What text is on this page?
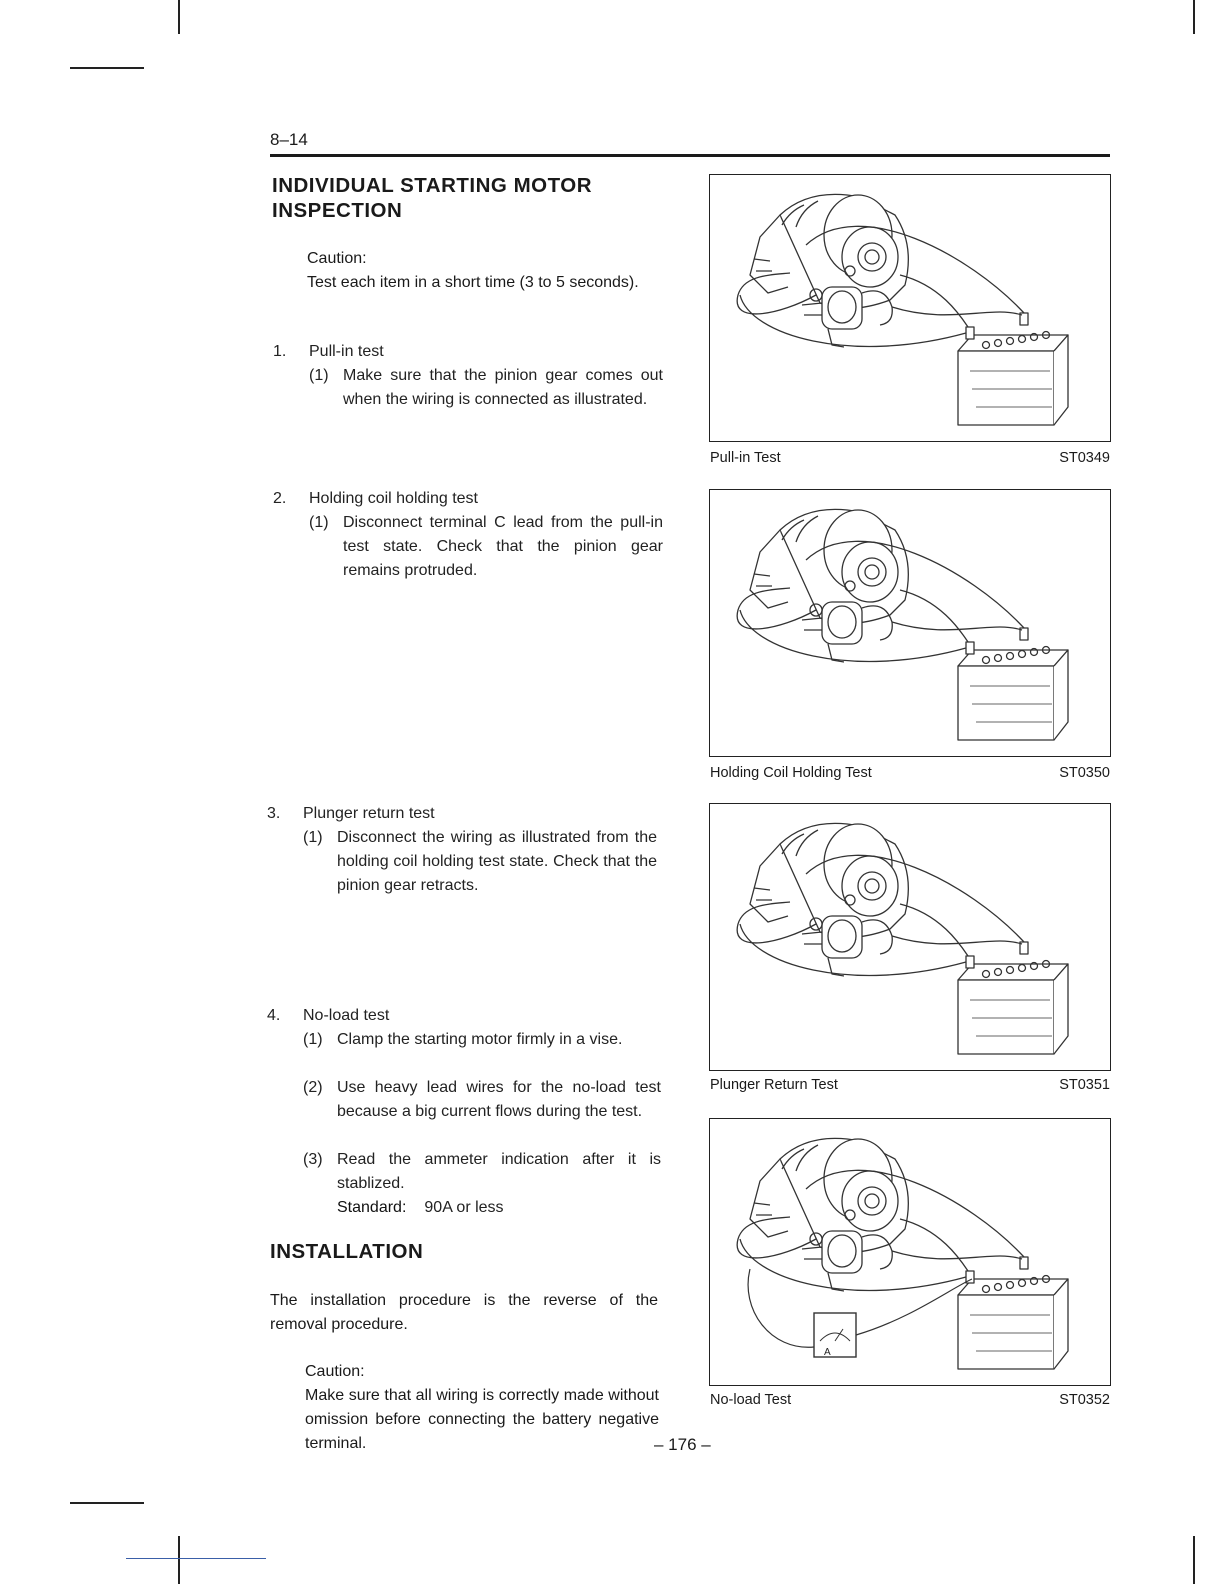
8–14
INDIVIDUAL STARTING MOTOR INSPECTION
Caution:
Test each item in a short time (3 to 5 seconds).
1. Pull-in test
(1) Make sure that the pinion gear comes out when the wiring is connected as illustrated.
2. Holding coil holding test
(1) Disconnect terminal C lead from the pull-in test state. Check that the pinion gear remains protruded.
3. Plunger return test
(1) Disconnect the wiring as illustrated from the holding coil holding test state. Check that the pinion gear retracts.
4. No-load test
(1) Clamp the starting motor firmly in a vise.
(2) Use heavy lead wires for the no-load test because a big current flows during the test.
(3) Read the ammeter indication after it is stablized.
Standard: 90A or less
INSTALLATION
The installation procedure is the reverse of the removal procedure.
Caution:
Make sure that all wiring is correctly made without omission before connecting the battery negative terminal.
Pull-in Test	ST0349
Holding Coil Holding Test	ST0350
Plunger Return Test	ST0351
A
No-load Test	ST0352
– 176 –
